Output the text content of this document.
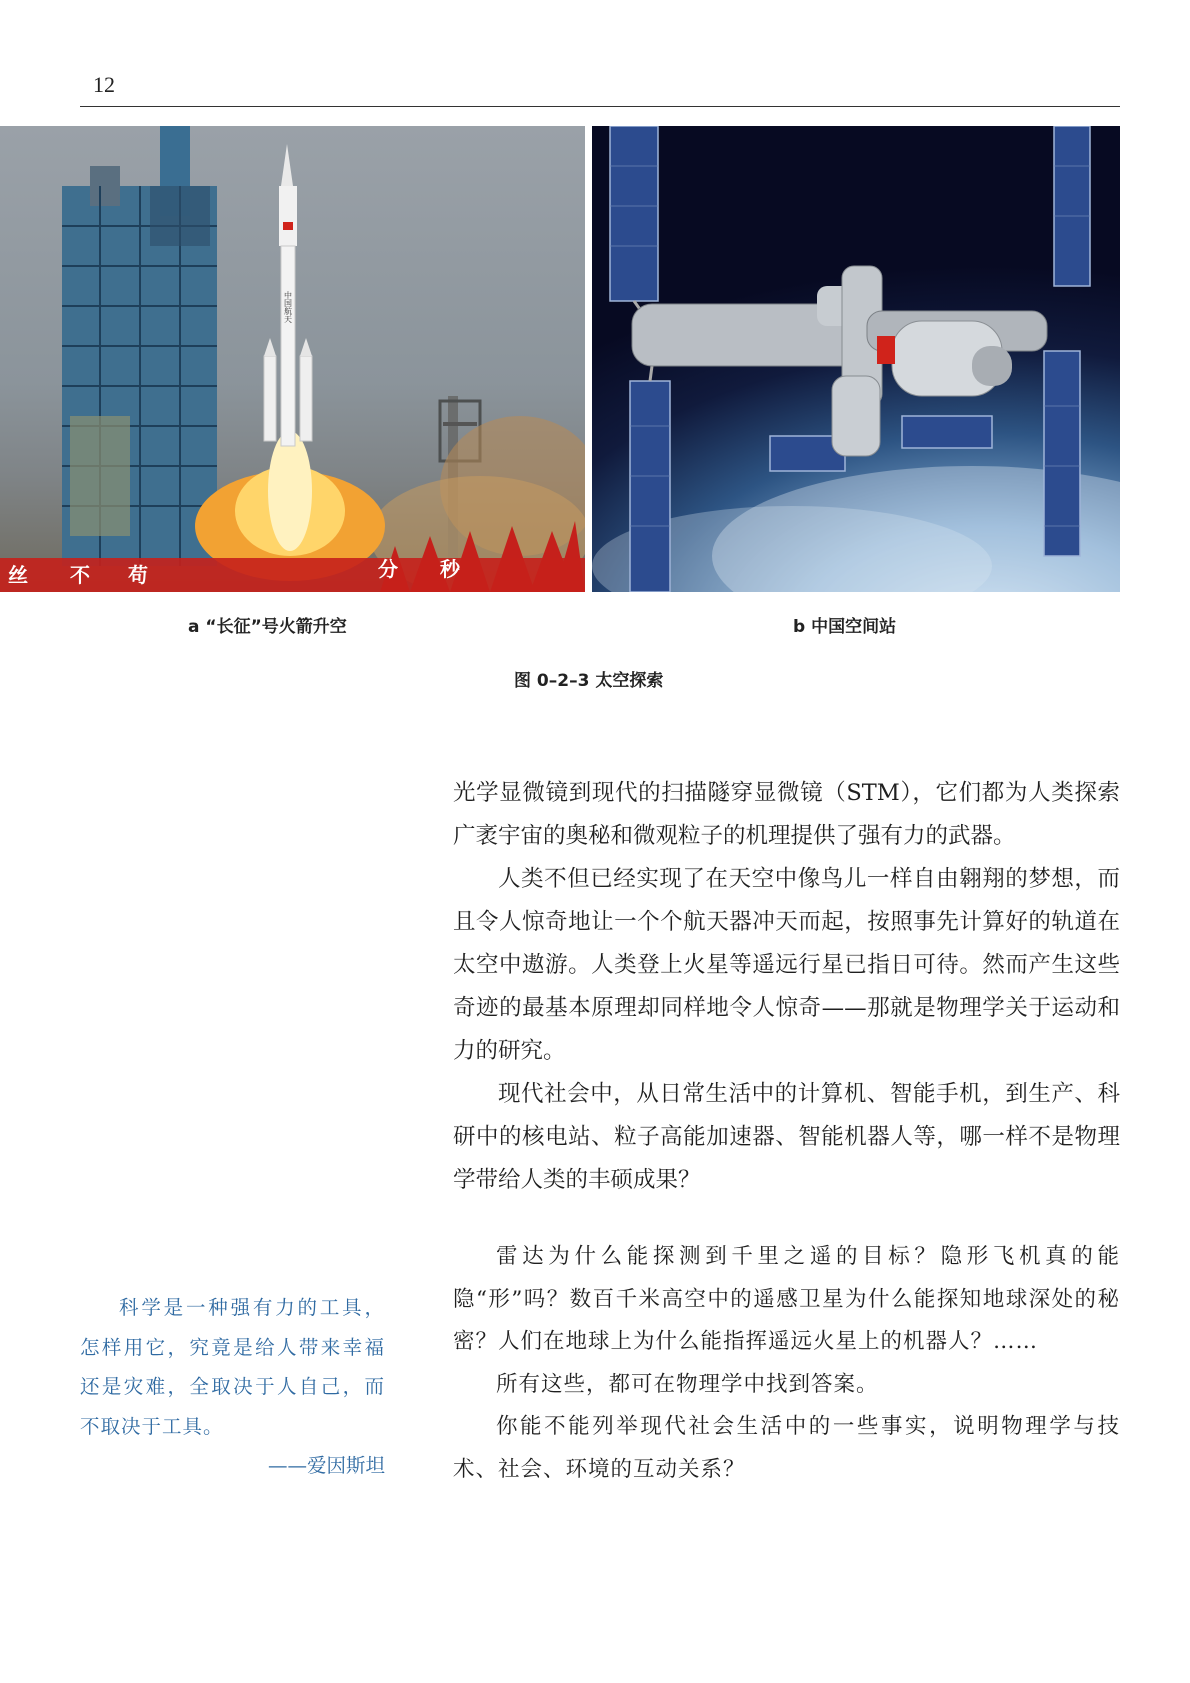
12
中国航天
丝 不 苟	分 秒
a “长征”号火箭升空	b 中国空间站
图 0–2–3 太空探索

光学显微镜到现代的扫描隧穿显微镜（STM），它们都为人类探索广袤宇宙的奥秘和微观粒子的机理提供了强有力的武器。

人类不但已经实现了在天空中像鸟儿一样自由翱翔的梦想，而且令人惊奇地让一个个航天器冲天而起，按照事先计算好的轨道在太空中遨游。人类登上火星等遥远行星已指日可待。然而产生这些奇迹的最基本原理却同样地令人惊奇——那就是物理学关于运动和力的研究。

现代社会中，从日常生活中的计算机、智能手机，到生产、科研中的核电站、粒子高能加速器、智能机器人等，哪一样不是物理学带给人类的丰硕成果？

雷达为什么能探测到千里之遥的目标？隐形飞机真的能隐“形”吗？数百千米高空中的遥感卫星为什么能探知地球深处的秘密？人们在地球上为什么能指挥遥远火星上的机器人？……

所有这些，都可在物理学中找到答案。

你能不能列举现代社会生活中的一些事实，说明物理学与技术、社会、环境的互动关系？

科学是一种强有力的工具，怎样用它，究竟是给人带来幸福还是灾难，全取决于人自己，而不取决于工具。

——爱因斯坦
